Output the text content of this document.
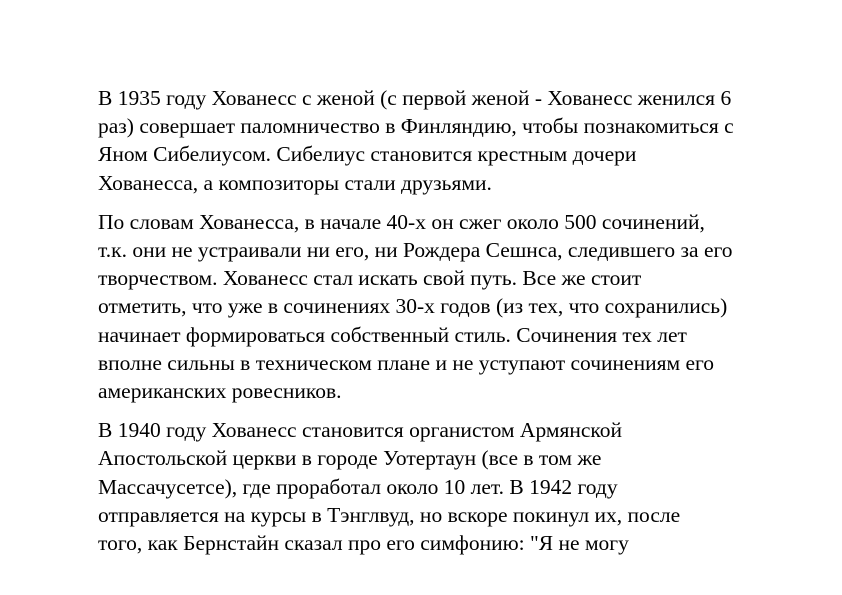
В 1935 году Хованесс с женой (с первой женой - Хованесс женился 6
раз) совершает паломничество в Финляндию, чтобы познакомиться с
Яном Сибелиусом. Сибелиус становится крестным дочери
Хованесса, а композиторы стали друзьями.

По словам Хованесса, в начале 40-х он сжег около 500 сочинений,
т.к. они не устраивали ни его, ни Рождера Сешнса, следившего за его
творчеством. Хованесс стал искать свой путь. Все же стоит
отметить, что уже в сочинениях 30-х годов (из тех, что сохранились)
начинает формироваться собственный стиль. Сочинения тех лет
вполне сильны в техническом плане и не уступают сочинениям его
американских ровесников.

В 1940 году Хованесс становится органистом Армянской
Апостольской церкви в городе Уотертаун (все в том же
Массачусетсе), где проработал около 10 лет. В 1942 году
отправляется на курсы в Тэнглвуд, но вскоре покинул их, после
того, как Бернстайн сказал про его симфонию: "Я не могу
